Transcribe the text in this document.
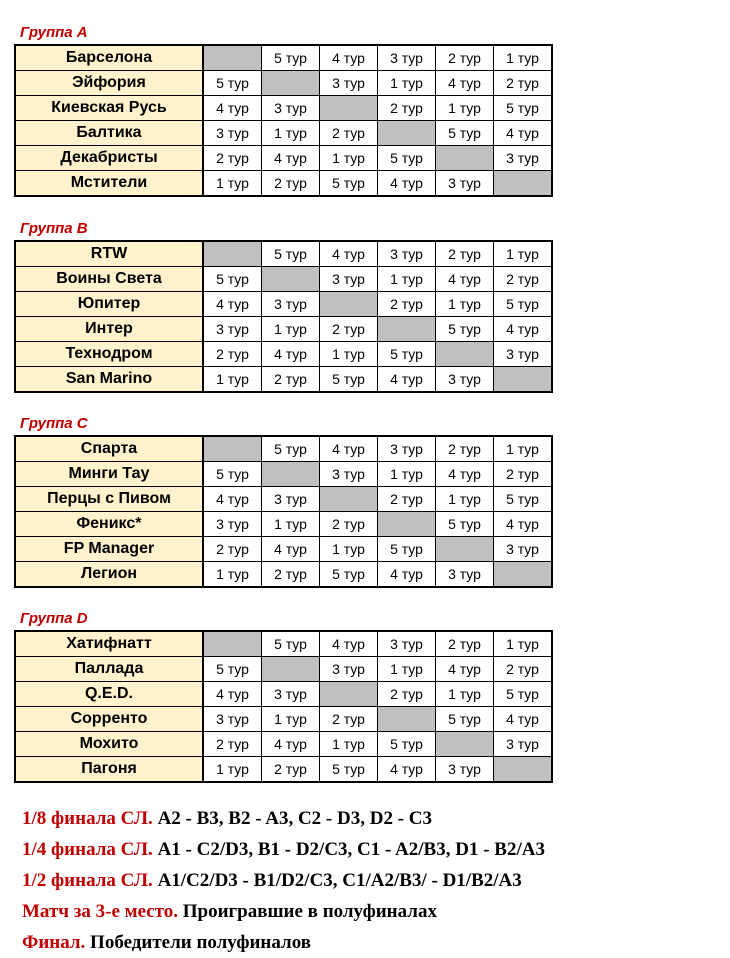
Группа A
Барселона		5 тур	4 тур	3 тур	2 тур	1 тур
Эйфория	5 тур		3 тур	1 тур	4 тур	2 тур
Киевская Русь	4 тур	3 тур		2 тур	1 тур	5 тур
Балтика	3 тур	1 тур	2 тур		5 тур	4 тур
Декабристы	2 тур	4 тур	1 тур	5 тур		3 тур
Мстители	1 тур	2 тур	5 тур	4 тур	3 тур	
Группа B
RTW		5 тур	4 тур	3 тур	2 тур	1 тур
Воины Света	5 тур		3 тур	1 тур	4 тур	2 тур
Юпитер	4 тур	3 тур		2 тур	1 тур	5 тур
Интер	3 тур	1 тур	2 тур		5 тур	4 тур
Технодром	2 тур	4 тур	1 тур	5 тур		3 тур
San Marino	1 тур	2 тур	5 тур	4 тур	3 тур	
Группа C
Спарта		5 тур	4 тур	3 тур	2 тур	1 тур
Минги Тау	5 тур		3 тур	1 тур	4 тур	2 тур
Перцы с Пивом	4 тур	3 тур		2 тур	1 тур	5 тур
Феникс*	3 тур	1 тур	2 тур		5 тур	4 тур
FP Manager	2 тур	4 тур	1 тур	5 тур		3 тур
Легион	1 тур	2 тур	5 тур	4 тур	3 тур	
Группа D
Хатифнатт		5 тур	4 тур	3 тур	2 тур	1 тур
Паллада	5 тур		3 тур	1 тур	4 тур	2 тур
Q.E.D.	4 тур	3 тур		2 тур	1 тур	5 тур
Сорренто	3 тур	1 тур	2 тур		5 тур	4 тур
Мохито	2 тур	4 тур	1 тур	5 тур		3 тур
Пагоня	1 тур	2 тур	5 тур	4 тур	3 тур	
1/8 финала СЛ. A2 - B3, B2 - A3, C2 - D3, D2 - C3
1/4 финала СЛ. A1 - C2/D3, B1 - D2/C3, C1 - A2/B3, D1 - B2/A3
1/2 финала СЛ. A1/C2/D3 - B1/D2/C3, C1/A2/B3/ - D1/B2/A3
Матч за 3-е место. Проигравшие в полуфиналах
Финал. Победители полуфиналов
